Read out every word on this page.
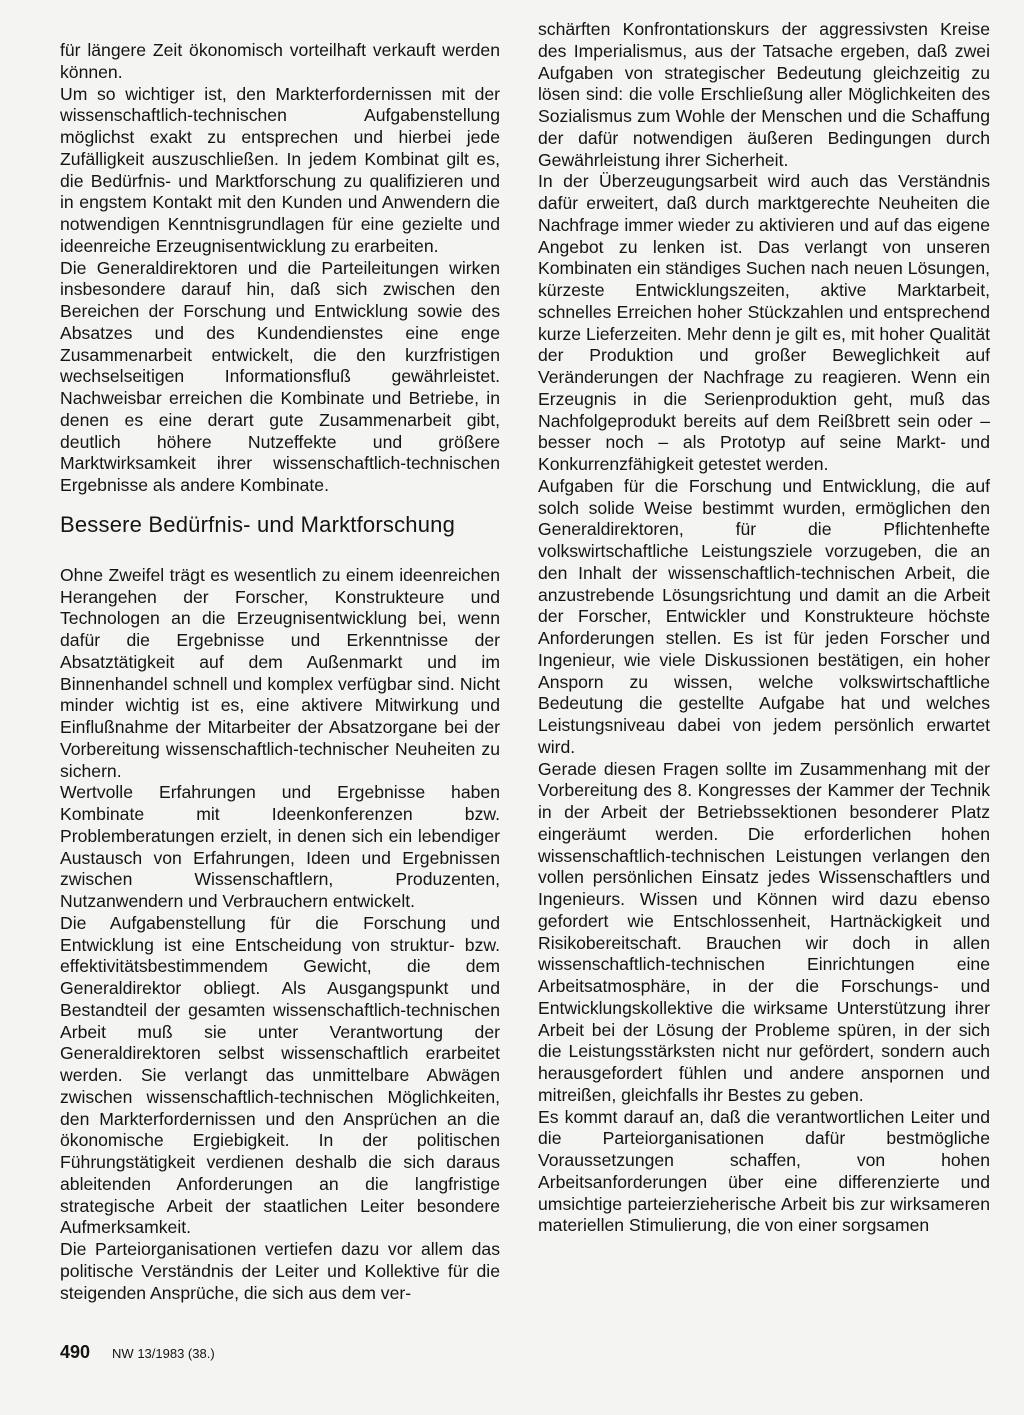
für längere Zeit ökonomisch vorteilhaft verkauft werden können.

Um so wichtiger ist, den Markterfordernissen mit der wissenschaftlich-technischen Aufgabenstellung möglichst exakt zu entsprechen und hierbei jede Zufälligkeit auszuschließen. In jedem Kombinat gilt es, die Bedürfnis- und Marktforschung zu qualifizieren und in engstem Kontakt mit den Kunden und Anwendern die notwendigen Kenntnisgrundlagen für eine gezielte und ideenreiche Erzeugnisentwicklung zu erarbeiten.

Die Generaldirektoren und die Parteileitungen wirken insbesondere darauf hin, daß sich zwischen den Bereichen der Forschung und Entwicklung sowie des Absatzes und des Kundendienstes eine enge Zusammenarbeit entwickelt, die den kurzfristigen wechselseitigen Informationsfluß gewährleistet. Nachweisbar erreichen die Kombinate und Betriebe, in denen es eine derart gute Zusammenarbeit gibt, deutlich höhere Nutzeffekte und größere Marktwirksamkeit ihrer wissenschaftlich-technischen Ergebnisse als andere Kombinate.

Bessere Bedürfnis- und Marktforschung

Ohne Zweifel trägt es wesentlich zu einem ideenreichen Herangehen der Forscher, Konstrukteure und Technologen an die Erzeugnisentwicklung bei, wenn dafür die Ergebnisse und Erkenntnisse der Absatztätigkeit auf dem Außenmarkt und im Binnenhandel schnell und komplex verfügbar sind. Nicht minder wichtig ist es, eine aktivere Mitwirkung und Einflußnahme der Mitarbeiter der Absatzorgane bei der Vorbereitung wissenschaftlich-technischer Neuheiten zu sichern.

Wertvolle Erfahrungen und Ergebnisse haben Kombinate mit Ideenkonferenzen bzw. Problemberatungen erzielt, in denen sich ein lebendiger Austausch von Erfahrungen, Ideen und Ergebnissen zwischen Wissenschaftlern, Produzenten, Nutzanwendern und Verbrauchern entwickelt.

Die Aufgabenstellung für die Forschung und Entwicklung ist eine Entscheidung von struktur- bzw. effektivitätsbestimmendem Gewicht, die dem Generaldirektor obliegt. Als Ausgangspunkt und Bestandteil der gesamten wissenschaftlich-technischen Arbeit muß sie unter Verantwortung der Generaldirektoren selbst wissenschaftlich erarbeitet werden. Sie verlangt das unmittelbare Abwägen zwischen wissenschaftlich-technischen Möglichkeiten, den Markterfordernissen und den Ansprüchen an die ökonomische Ergiebigkeit. In der politischen Führungstätigkeit verdienen deshalb die sich daraus ableitenden Anforderungen an die langfristige strategische Arbeit der staatlichen Leiter besondere Aufmerksamkeit.

Die Parteiorganisationen vertiefen dazu vor allem das politische Verständnis der Leiter und Kollektive für die steigenden Ansprüche, die sich aus dem ver-

schärften Konfrontationskurs der aggressivsten Kreise des Imperialismus, aus der Tatsache ergeben, daß zwei Aufgaben von strategischer Bedeutung gleichzeitig zu lösen sind: die volle Erschließung aller Möglichkeiten des Sozialismus zum Wohle der Menschen und die Schaffung der dafür notwendigen äußeren Bedingungen durch Gewährleistung ihrer Sicherheit.

In der Überzeugungsarbeit wird auch das Verständnis dafür erweitert, daß durch marktgerechte Neuheiten die Nachfrage immer wieder zu aktivieren und auf das eigene Angebot zu lenken ist. Das verlangt von unseren Kombinaten ein ständiges Suchen nach neuen Lösungen, kürzeste Entwicklungszeiten, aktive Marktarbeit, schnelles Erreichen hoher Stückzahlen und entsprechend kurze Lieferzeiten. Mehr denn je gilt es, mit hoher Qualität der Produktion und großer Beweglichkeit auf Veränderungen der Nachfrage zu reagieren. Wenn ein Erzeugnis in die Serienproduktion geht, muß das Nachfolgeprodukt bereits auf dem Reißbrett sein oder – besser noch – als Prototyp auf seine Markt- und Konkurrenzfähigkeit getestet werden.

Aufgaben für die Forschung und Entwicklung, die auf solch solide Weise bestimmt wurden, ermöglichen den Generaldirektoren, für die Pflichtenhefte volkswirtschaftliche Leistungsziele vorzugeben, die an den Inhalt der wissenschaftlich-technischen Arbeit, die anzustrebende Lösungsrichtung und damit an die Arbeit der Forscher, Entwickler und Konstrukteure höchste Anforderungen stellen. Es ist für jeden Forscher und Ingenieur, wie viele Diskussionen bestätigen, ein hoher Ansporn zu wissen, welche volkswirtschaftliche Bedeutung die gestellte Aufgabe hat und welches Leistungsniveau dabei von jedem persönlich erwartet wird.

Gerade diesen Fragen sollte im Zusammenhang mit der Vorbereitung des 8. Kongresses der Kammer der Technik in der Arbeit der Betriebssektionen besonderer Platz eingeräumt werden. Die erforderlichen hohen wissenschaftlich-technischen Leistungen verlangen den vollen persönlichen Einsatz jedes Wissenschaftlers und Ingenieurs. Wissen und Können wird dazu ebenso gefordert wie Entschlossenheit, Hartnäckigkeit und Risikobereitschaft. Brauchen wir doch in allen wissenschaftlich-technischen Einrichtungen eine Arbeitsatmosphäre, in der die Forschungs- und Entwicklungskollektive die wirksame Unterstützung ihrer Arbeit bei der Lösung der Probleme spüren, in der sich die Leistungsstärksten nicht nur gefördert, sondern auch herausgefordert fühlen und andere anspornen und mitreißen, gleichfalls ihr Bestes zu geben.

Es kommt darauf an, daß die verantwortlichen Leiter und die Parteiorganisationen dafür bestmögliche Voraussetzungen schaffen, von hohen Arbeitsanforderungen über eine differenzierte und umsichtige parteierzieherische Arbeit bis zur wirksameren materiellen Stimulierung, die von einer sorgsamen

490 NW 13/1983 (38.)
